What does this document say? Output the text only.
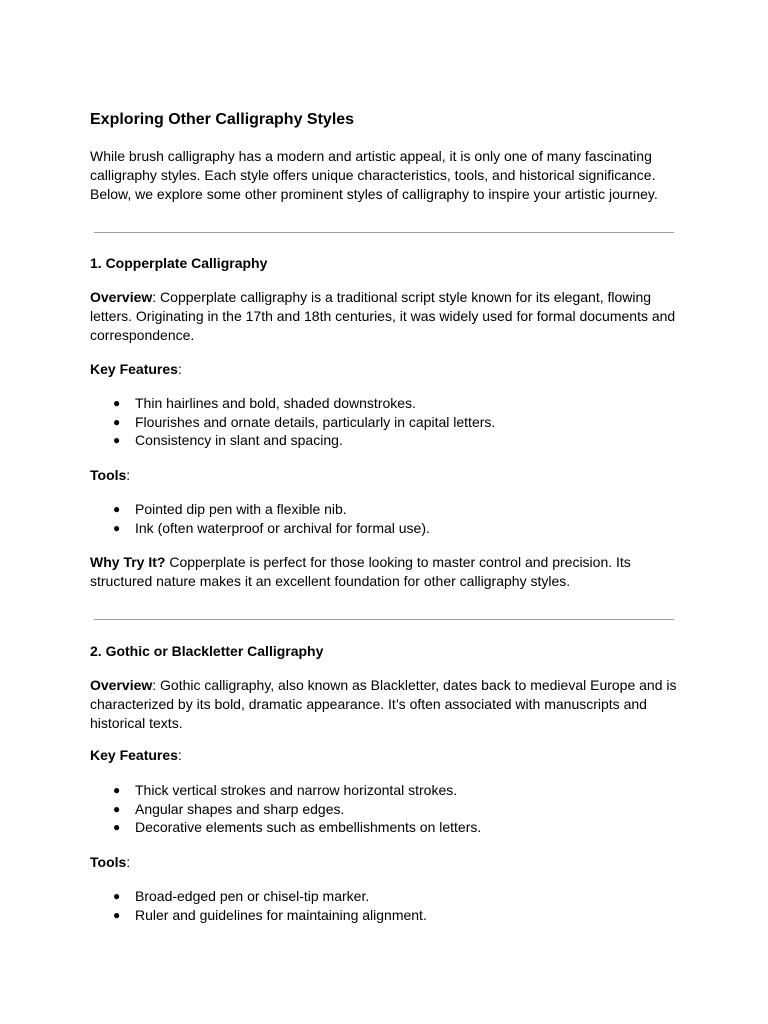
Exploring Other Calligraphy Styles

While brush calligraphy has a modern and artistic appeal, it is only one of many fascinating calligraphy styles. Each style offers unique characteristics, tools, and historical significance. Below, we explore some other prominent styles of calligraphy to inspire your artistic journey.

1. Copperplate Calligraphy

Overview: Copperplate calligraphy is a traditional script style known for its elegant, flowing letters. Originating in the 17th and 18th centuries, it was widely used for formal documents and correspondence.

Key Features:

● Thin hairlines and bold, shaded downstrokes.
● Flourishes and ornate details, particularly in capital letters.
● Consistency in slant and spacing.

Tools:

● Pointed dip pen with a flexible nib.
● Ink (often waterproof or archival for formal use).

Why Try It? Copperplate is perfect for those looking to master control and precision. Its structured nature makes it an excellent foundation for other calligraphy styles.

2. Gothic or Blackletter Calligraphy

Overview: Gothic calligraphy, also known as Blackletter, dates back to medieval Europe and is characterized by its bold, dramatic appearance. It’s often associated with manuscripts and historical texts.

Key Features:

● Thick vertical strokes and narrow horizontal strokes.
● Angular shapes and sharp edges.
● Decorative elements such as embellishments on letters.

Tools:

● Broad-edged pen or chisel-tip marker.
● Ruler and guidelines for maintaining alignment.
